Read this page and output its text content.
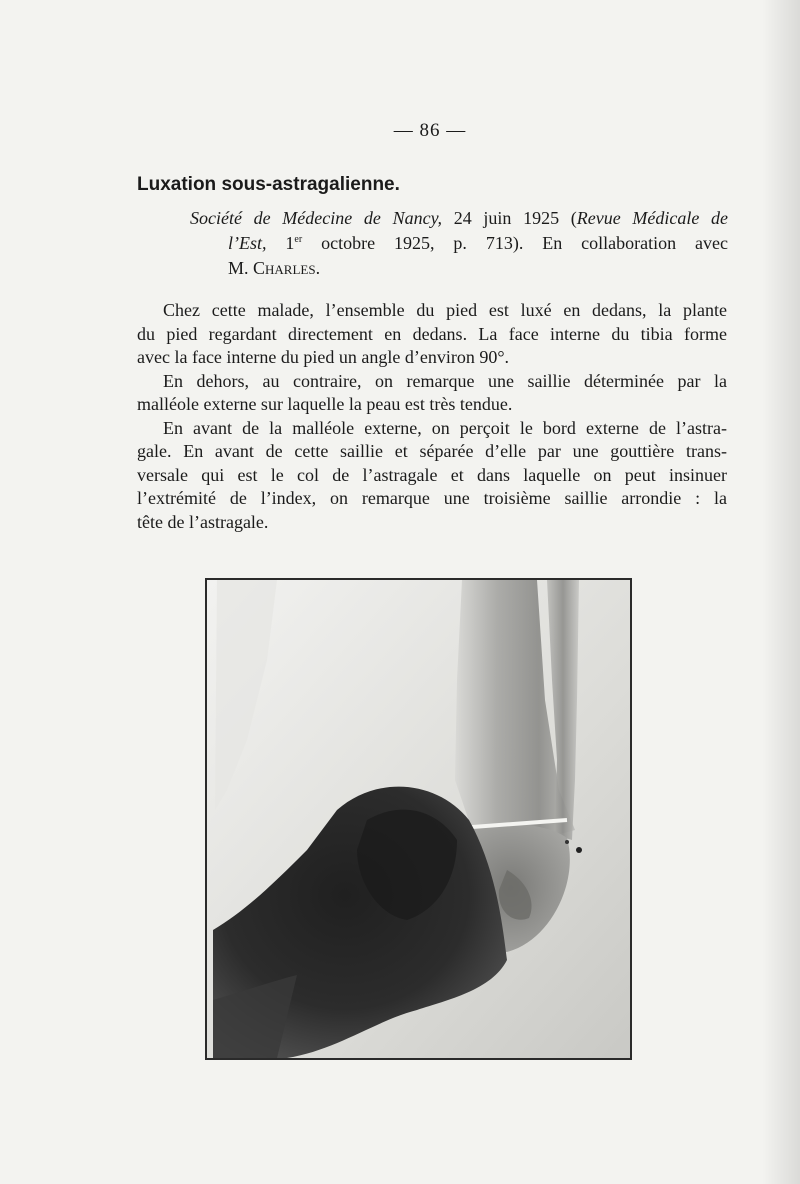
— 86 —
Luxation sous-astragalienne.
Société de Médecine de Nancy, 24 juin 1925 (Revue Médicale de
l’Est, 1er octobre 1925, p. 713). En collaboration avec
M. Charles.
Chez cette malade, l’ensemble du pied est luxé en dedans, la plante
du pied regardant directement en dedans. La face interne du tibia forme
avec la face interne du pied un angle d’environ 90°.
En dehors, au contraire, on remarque une saillie déterminée par la
malléole externe sur laquelle la peau est très tendue.
En avant de la malléole externe, on perçoit le bord externe de l’astra-
gale. En avant de cette saillie et séparée d’elle par une gouttière trans-
versale qui est le col de l’astragale et dans laquelle on peut insinuer
l’extrémité de l’index, on remarque une troisième saillie arrondie : la
tête de l’astragale.
